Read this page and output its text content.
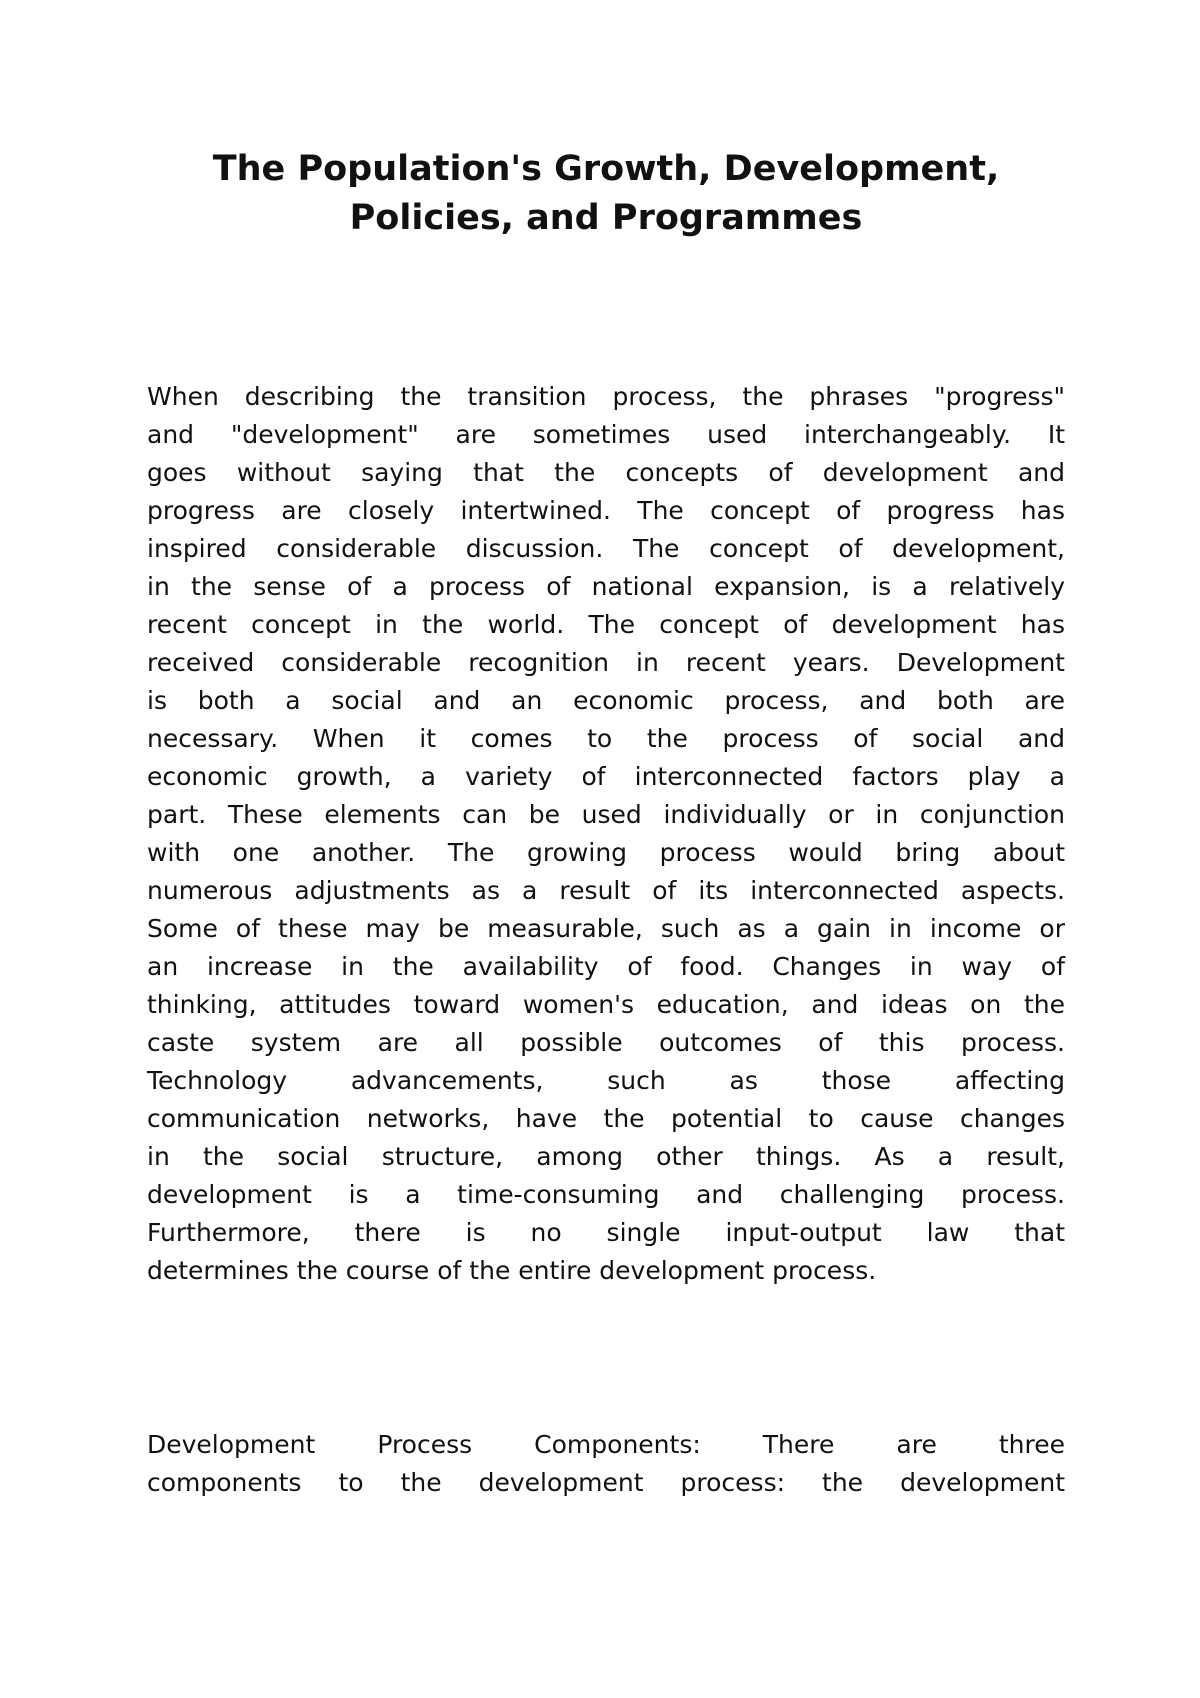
The Population's Growth, Development,
Policies, and Programmes
When describing the transition process, the phrases "progress"
and "development" are sometimes used interchangeably. It
goes without saying that the concepts of development and
progress are closely intertwined. The concept of progress has
inspired considerable discussion. The concept of development,
in the sense of a process of national expansion, is a relatively
recent concept in the world. The concept of development has
received considerable recognition in recent years. Development
is both a social and an economic process, and both are
necessary. When it comes to the process of social and
economic growth, a variety of interconnected factors play a
part. These elements can be used individually or in conjunction
with one another. The growing process would bring about
numerous adjustments as a result of its interconnected aspects.
Some of these may be measurable, such as a gain in income or
an increase in the availability of food. Changes in way of
thinking, attitudes toward women's education, and ideas on the
caste system are all possible outcomes of this process.
Technology advancements, such as those affecting
communication networks, have the potential to cause changes
in the social structure, among other things. As a result,
development is a time-consuming and challenging process.
Furthermore, there is no single input-output law that
determines the course of the entire development process.
Development Process Components: There are three
components to the development process: the development
